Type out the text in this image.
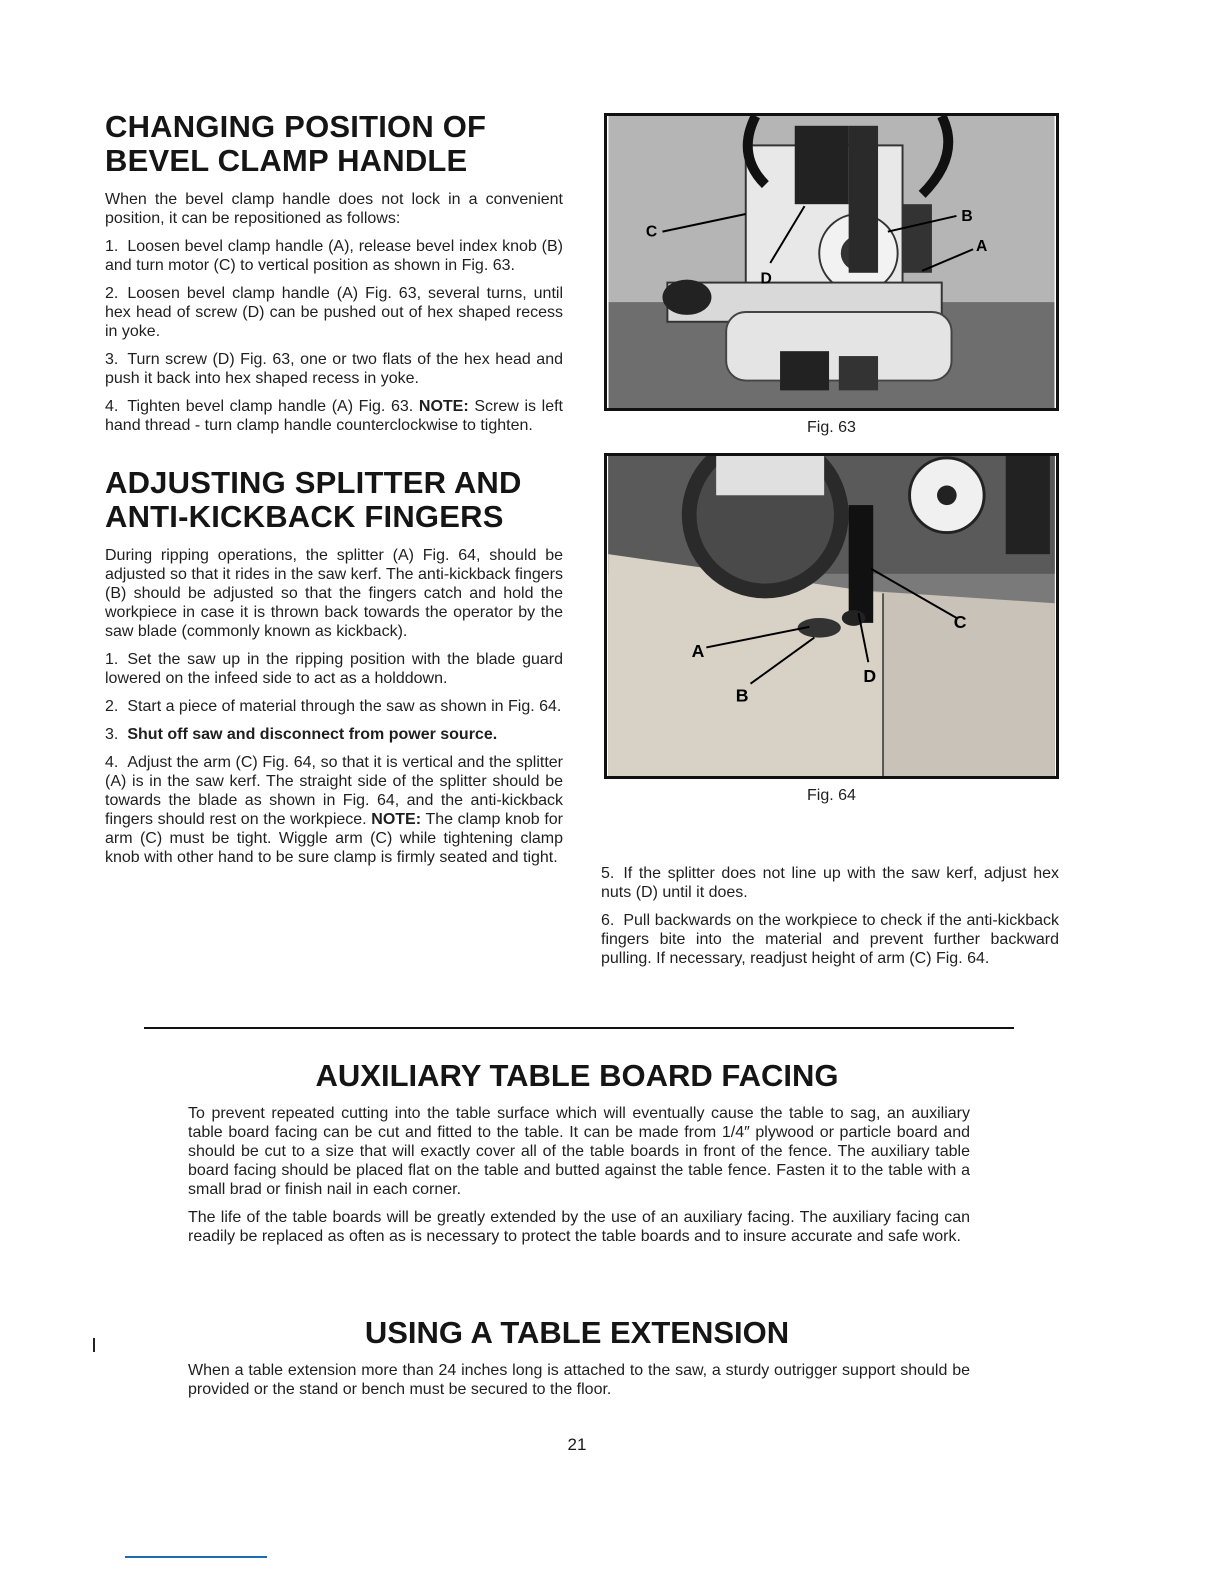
CHANGING POSITION OF
BEVEL CLAMP HANDLE

When the bevel clamp handle does not lock in a convenient position, it can be repositioned as follows:

1. Loosen bevel clamp handle (A), release bevel index knob (B) and turn motor (C) to vertical position as shown in Fig. 63.

2. Loosen bevel clamp handle (A) Fig. 63, several turns, until hex head of screw (D) can be pushed out of hex shaped recess in yoke.

3. Turn screw (D) Fig. 63, one or two flats of the hex head and push it back into hex shaped recess in yoke.

4. Tighten bevel clamp handle (A) Fig. 63. NOTE: Screw is left hand thread - turn clamp handle counterclockwise to tighten.

ADJUSTING SPLITTER AND
ANTI-KICKBACK FINGERS

During ripping operations, the splitter (A) Fig. 64, should be adjusted so that it rides in the saw kerf. The anti-kickback fingers (B) should be adjusted so that the fingers catch and hold the workpiece in case it is thrown back towards the operator by the saw blade (commonly known as kickback).

1. Set the saw up in the ripping position with the blade guard lowered on the infeed side to act as a holddown.

2. Start a piece of material through the saw as shown in Fig. 64.

3. Shut off saw and disconnect from power source.

4. Adjust the arm (C) Fig. 64, so that it is vertical and the splitter (A) is in the saw kerf. The straight side of the splitter should be towards the blade as shown in Fig. 64, and the anti-kickback fingers should rest on the workpiece. NOTE: The clamp knob for arm (C) must be tight. Wiggle arm (C) while tightening clamp knob with other hand to be sure clamp is firmly seated and tight.

C
D
B
A
Fig. 63
A
B
C
D
Fig. 64

5. If the splitter does not line up with the saw kerf, adjust hex nuts (D) until it does.

6. Pull backwards on the workpiece to check if the anti-kickback fingers bite into the material and prevent further backward pulling. If necessary, readjust height of arm (C) Fig. 64.

AUXILIARY TABLE BOARD FACING

To prevent repeated cutting into the table surface which will eventually cause the table to sag, an auxiliary table board facing can be cut and fitted to the table. It can be made from 1/4″ plywood or particle board and should be cut to a size that will exactly cover all of the table boards in front of the fence. The auxiliary table board facing should be placed flat on the table and butted against the table fence. Fasten it to the table with a small brad or finish nail in each corner.

The life of the table boards will be greatly extended by the use of an auxiliary facing. The auxiliary facing can readily be replaced as often as is necessary to protect the table boards and to insure accurate and safe work.

USING A TABLE EXTENSION

When a table extension more than 24 inches long is attached to the saw, a sturdy outrigger support should be provided or the stand or bench must be secured to the floor.

21
